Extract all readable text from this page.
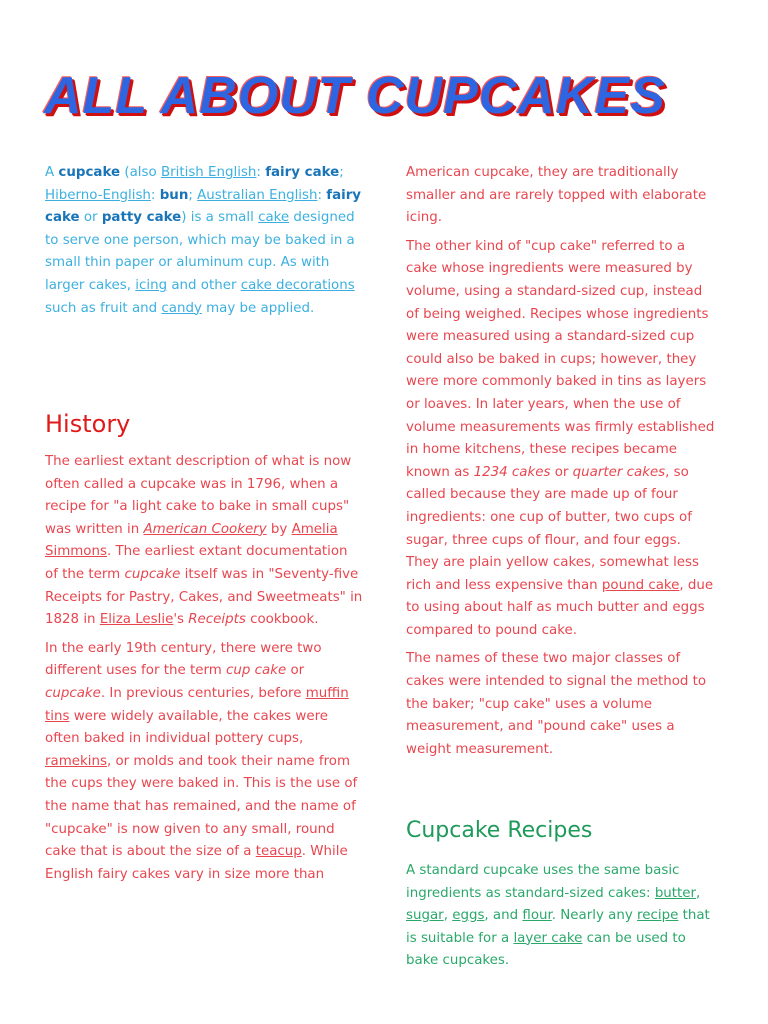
ALL ABOUT CUPCAKES

A cupcake (also British English: fairy cake; Hiberno-English: bun; Australian English: fairy cake or patty cake) is a small cake designed to serve one person, which may be baked in a small thin paper or aluminum cup. As with larger cakes, icing and other cake decorations such as fruit and candy may be applied.

History

The earliest extant description of what is now often called a cupcake was in 1796, when a recipe for "a light cake to bake in small cups" was written in American Cookery by Amelia Simmons. The earliest extant documentation of the term cupcake itself was in "Seventy-five Receipts for Pastry, Cakes, and Sweetmeats" in 1828 in Eliza Leslie's Receipts cookbook.

In the early 19th century, there were two different uses for the term cup cake or cupcake. In previous centuries, before muffin tins were widely available, the cakes were often baked in individual pottery cups, ramekins, or molds and took their name from the cups they were baked in. This is the use of the name that has remained, and the name of "cupcake" is now given to any small, round cake that is about the size of a teacup. While English fairy cakes vary in size more than

American cupcake, they are traditionally smaller and are rarely topped with elaborate icing.

The other kind of "cup cake" referred to a cake whose ingredients were measured by volume, using a standard-sized cup, instead of being weighed. Recipes whose ingredients were measured using a standard-sized cup could also be baked in cups; however, they were more commonly baked in tins as layers or loaves. In later years, when the use of volume measurements was firmly established in home kitchens, these recipes became known as 1234 cakes or quarter cakes, so called because they are made up of four ingredients: one cup of butter, two cups of sugar, three cups of flour, and four eggs. They are plain yellow cakes, somewhat less rich and less expensive than pound cake, due to using about half as much butter and eggs compared to pound cake.

The names of these two major classes of cakes were intended to signal the method to the baker; "cup cake" uses a volume measurement, and "pound cake" uses a weight measurement.

Cupcake Recipes

A standard cupcake uses the same basic ingredients as standard-sized cakes: butter, sugar, eggs, and flour. Nearly any recipe that is suitable for a layer cake can be used to bake cupcakes.
